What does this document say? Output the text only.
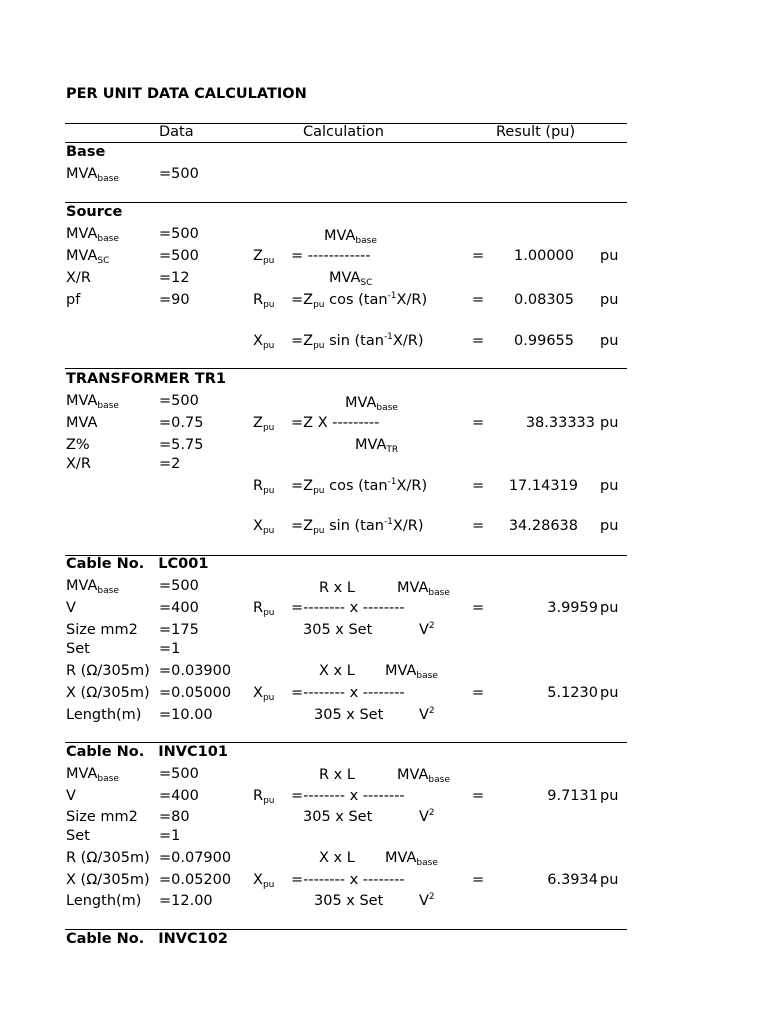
PER UNIT DATA CALCULATION
Data	Calculation	Result (pu)
Base
$MVA_{base}$	=500
Source
$MVA_{base}$	=500
$MVA_{SC}$	=500
X/R	=12
pf	=90
$MVA_{base}$
$Z_{pu}$ = ------------	=	1.00000 pu
$MVA_{SC}$
$R_{pu} =Z_{pu}$ $\cos (\tan^{-1}X/R)$	=	0.08305 pu
$X_{pu} =Z_{pu}$ $\sin (\tan^{-1}X/R)$	=	0.99655 pu
TRANSFORMER TR1
$MVA_{base}$	=500
MVA	=0.75
Z%	=5.75
X/R	=2
$MVA_{base}$
$Z_{pu} =Z$ X ---------	=	38.33333 pu
$MVA_{TR}$
$R_{pu} =Z_{pu}$ $\cos (\tan^{-1}X/R)$	=	17.14319 pu
$X_{pu} =Z_{pu}$ $\sin (\tan^{-1}X/R)$	=	34.28638 pu
Cable No. LC001
$MVA_{base}$	=500
V	=400
Size mm2 =175
Set	=1
R (Ω/305m) =0.03900
X (Ω/305m) =0.05000
Length(m) =10.00
R x L	$MVA_{base}$
$R_{pu}$ =-------- x --------	=	3.9959 pu
305 x Set	$V^2$
X x L $MVA_{base}$
$X_{pu}$ =-------- x --------	=	5.1230 pu
305 x Set $V^2$
Cable No. INVC101
$MVA_{base}$	=500
V	=400
Size mm2 =80
Set	=1
R (Ω/305m) =0.07900
X (Ω/305m) =0.05200
Length(m) =12.00
R x L	$MVA_{base}$
$R_{pu}$ =-------- x --------	=	9.7131 pu
305 x Set	$V^2$
X x L $MVA_{base}$
$X_{pu}$ =-------- x --------	=	6.3934 pu
305 x Set $V^2$
Cable No. INVC102
